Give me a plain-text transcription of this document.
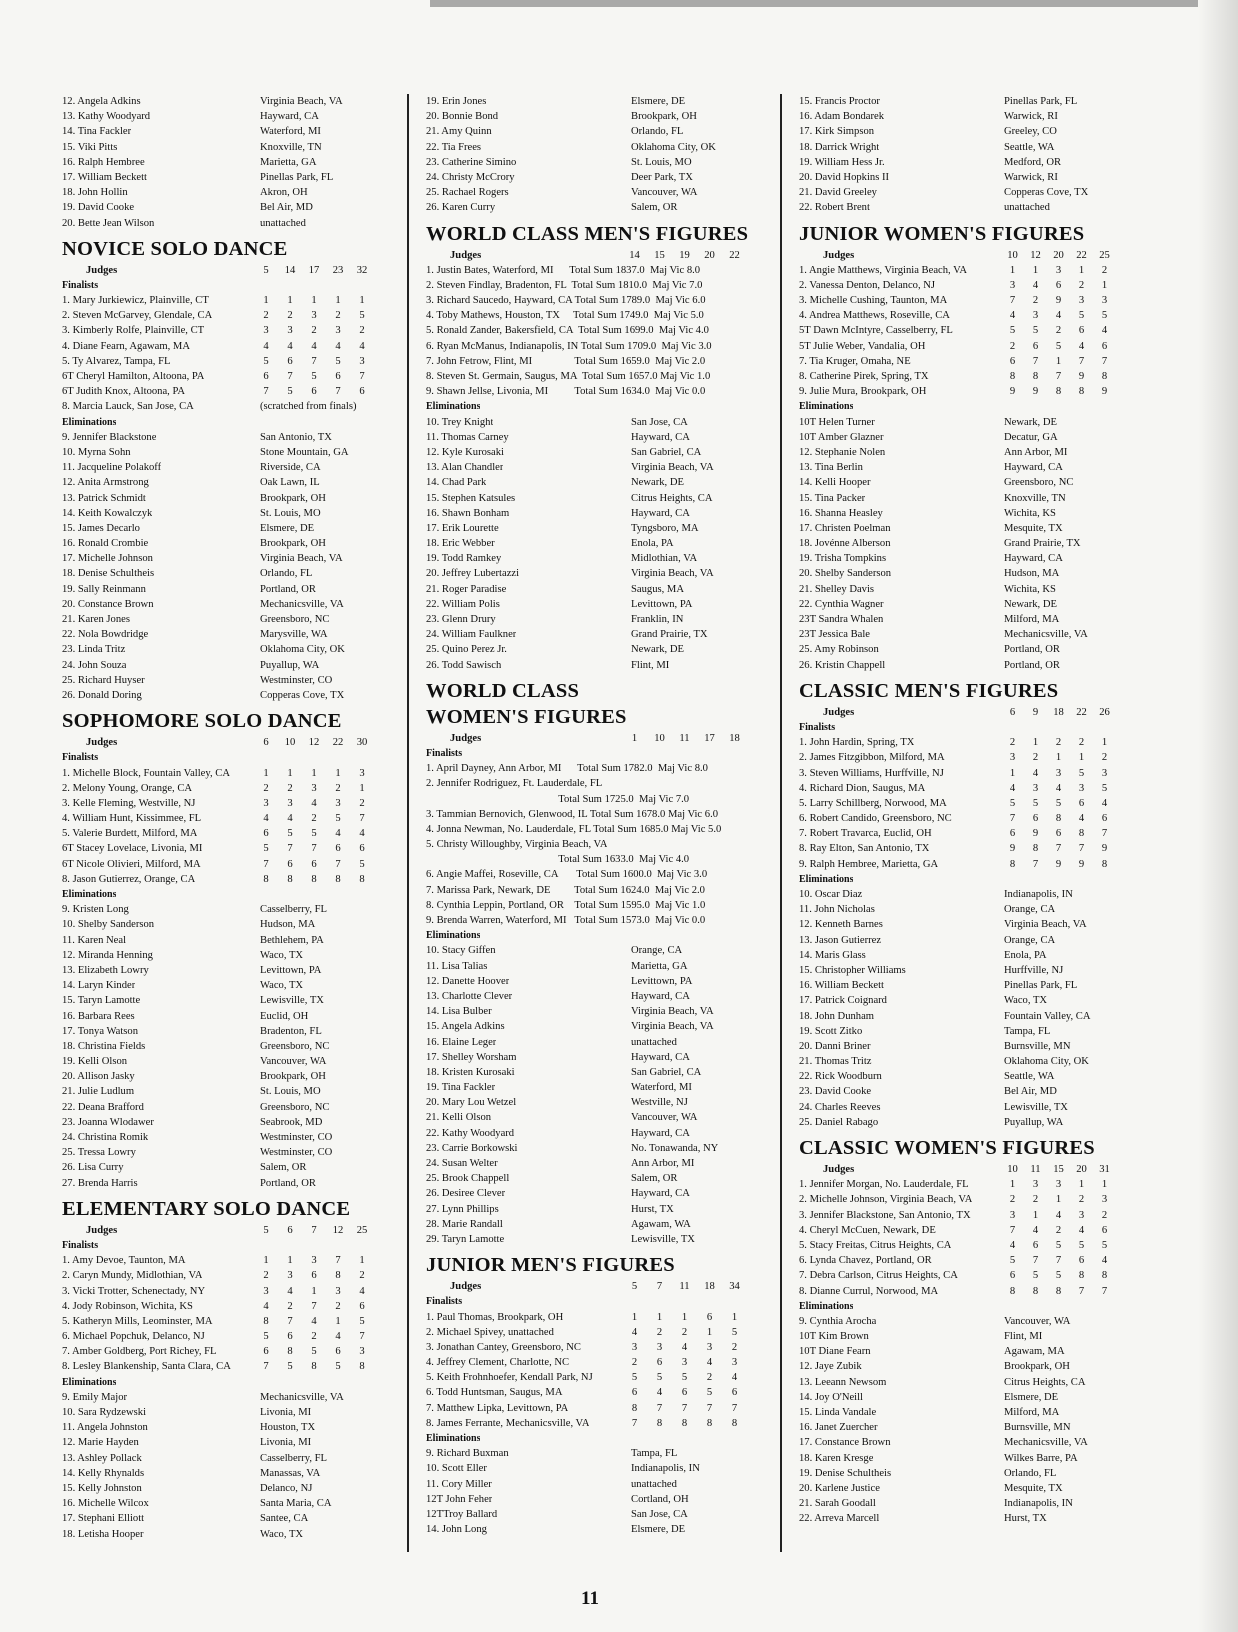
12. Angela Adkins	Virginia Beach, VA
13. Kathy Woodyard	Hayward, CA
14. Tina Fackler	Waterford, MI
15. Viki Pitts	Knoxville, TN
16. Ralph Hembree	Marietta, GA
17. William Beckett	Pinellas Park, FL
18. John Hollin	Akron, OH
19. David Cooke	Bel Air, MD
20. Bette Jean Wilson	unattached
NOVICE SOLO DANCE
Judges	5 14 17 23 32
Finalists
1. Mary Jurkiewicz, Plainville, CT	1 1 1 1 1
2. Steven McGarvey, Glendale, CA	2 2 3 2 5
3. Kimberly Rolfe, Plainville, CT	3 3 2 3 2
4. Diane Fearn, Agawam, MA	4 4 4 4 4
5. Ty Alvarez, Tampa, FL	5 6 7 5 3
6T Cheryl Hamilton, Altoona, PA	6 7 5 6 7
6T Judith Knox, Altoona, PA	7 5 6 7 6
8. Marcia Lauck, San Jose, CA	(scratched from finals)
Eliminations
9. Jennifer Blackstone	San Antonio, TX
10. Myrna Sohn	Stone Mountain, GA
11. Jacqueline Polakoff	Riverside, CA
12. Anita Armstrong	Oak Lawn, IL
13. Patrick Schmidt	Brookpark, OH
14. Keith Kowalczyk	St. Louis, MO
15. James Decarlo	Elsmere, DE
16. Ronald Crombie	Brookpark, OH
17. Michelle Johnson	Virginia Beach, VA
18. Denise Schultheis	Orlando, FL
19. Sally Reinmann	Portland, OR
20. Constance Brown	Mechanicsville, VA
21. Karen Jones	Greensboro, NC
22. Nola Bowdridge	Marysville, WA
23. Linda Tritz	Oklahoma City, OK
24. John Souza	Puyallup, WA
25. Richard Huyser	Westminster, CO
26. Donald Doring	Copperas Cove, TX
SOPHOMORE SOLO DANCE
Judges	6 10 12 22 30
Finalists
1. Michelle Block, Fountain Valley, CA	1 1 1 1 3
2. Melony Young, Orange, CA	2 2 3 2 1
3. Kelle Fleming, Westville, NJ	3 3 4 3 2
4. William Hunt, Kissimmee, FL	4 4 2 5 7
5. Valerie Burdett, Milford, MA	6 5 5 4 4
6T Stacey Lovelace, Livonia, MI	5 7 7 6 6
6T Nicole Olivieri, Milford, MA	7 6 6 7 5
8. Jason Gutierrez, Orange, CA	8 8 8 8 8
Eliminations
9. Kristen Long	Casselberry, FL
10. Shelby Sanderson	Hudson, MA
11. Karen Neal	Bethlehem, PA
12. Miranda Henning	Waco, TX
13. Elizabeth Lowry	Levittown, PA
14. Laryn Kinder	Waco, TX
15. Taryn Lamotte	Lewisville, TX
16. Barbara Rees	Euclid, OH
17. Tonya Watson	Bradenton, FL
18. Christina Fields	Greensboro, NC
19. Kelli Olson	Vancouver, WA
20. Allison Jasky	Brookpark, OH
21. Julie Ludlum	St. Louis, MO
22. Deana Brafford	Greensboro, NC
23. Joanna Wlodawer	Seabrook, MD
24. Christina Romik	Westminster, CO
25. Tressa Lowry	Westminster, CO
26. Lisa Curry	Salem, OR
27. Brenda Harris	Portland, OR
ELEMENTARY SOLO DANCE
Judges	5 6 7 12 25
Finalists
1. Amy Devoe, Taunton, MA	1 1 3 7 1
2. Caryn Mundy, Midlothian, VA	2 3 6 8 2
3. Vicki Trotter, Schenectady, NY	3 4 1 3 4
4. Jody Robinson, Wichita, KS	4 2 7 2 6
5. Katheryn Mills, Leominster, MA	8 7 4 1 5
6. Michael Popchuk, Delanco, NJ	5 6 2 4 7
7. Amber Goldberg, Port Richey, FL	6 8 5 6 3
8. Lesley Blankenship, Santa Clara, CA	7 5 8 5 8
Eliminations
9. Emily Major	Mechanicsville, VA
10. Sara Rydzewski	Livonia, MI
11. Angela Johnston	Houston, TX
12. Marie Hayden	Livonia, MI
13. Ashley Pollack	Casselberry, FL
14. Kelly Rhynalds	Manassas, VA
15. Kelly Johnston	Delanco, NJ
16. Michelle Wilcox	Santa Maria, CA
17. Stephani Elliott	Santee, CA
18. Letisha Hooper	Waco, TX
19. Erin Jones	Elsmere, DE
20. Bonnie Bond	Brookpark, OH
21. Amy Quinn	Orlando, FL
22. Tia Frees	Oklahoma City, OK
23. Catherine Simino	St. Louis, MO
24. Christy McCrory	Deer Park, TX
25. Rachael Rogers	Vancouver, WA
26. Karen Curry	Salem, OR
WORLD CLASS MEN'S FIGURES
Judges	14 15 19 20 22
1. Justin Bates, Waterford, MI      Total Sum 1837.0  Maj Vic 8.0
2. Steven Findlay, Bradenton, FL  Total Sum 1810.0  Maj Vic 7.0
3. Richard Saucedo, Hayward, CA Total Sum 1789.0  Maj Vic 6.0
4. Toby Mathews, Houston, TX     Total Sum 1749.0  Maj Vic 5.0
5. Ronald Zander, Bakersfield, CA  Total Sum 1699.0  Maj Vic 4.0
6. Ryan McManus, Indianapolis, IN Total Sum 1709.0  Maj Vic 3.0
7. John Fetrow, Flint, MI                Total Sum 1659.0  Maj Vic 2.0
8. Steven St. Germain, Saugus, MA  Total Sum 1657.0 Maj Vic 1.0
9. Shawn Jellse, Livonia, MI          Total Sum 1634.0  Maj Vic 0.0
Eliminations
10. Trey Knight	San Jose, CA
11. Thomas Carney	Hayward, CA
12. Kyle Kurosaki	San Gabriel, CA
13. Alan Chandler	Virginia Beach, VA
14. Chad Park	Newark, DE
15. Stephen Katsules	Citrus Heights, CA
16. Shawn Bonham	Hayward, CA
17. Erik Lourette	Tyngsboro, MA
18. Eric Webber	Enola, PA
19. Todd Ramkey	Midlothian, VA
20. Jeffrey Lubertazzi	Virginia Beach, VA
21. Roger Paradise	Saugus, MA
22. William Polis	Levittown, PA
23. Glenn Drury	Franklin, IN
24. William Faulkner	Grand Prairie, TX
25. Quino Perez Jr.	Newark, DE
26. Todd Sawisch	Flint, MI
WORLD CLASS
WOMEN'S FIGURES
Judges	1 10 11 17 18
Finalists
1. April Dayney, Ann Arbor, MI      Total Sum 1782.0  Maj Vic 8.0
2. Jennifer Rodriguez, Ft. Lauderdale, FL
Total Sum 1725.0  Maj Vic 7.0
3. Tammian Bernovich, Glenwood, IL Total Sum 1678.0 Maj Vic 6.0
4. Jonna Newman, No. Lauderdale, FL Total Sum 1685.0 Maj Vic 5.0
5. Christy Willoughby, Virginia Beach, VA
Total Sum 1633.0  Maj Vic 4.0
6. Angie Maffei, Roseville, CA       Total Sum 1600.0  Maj Vic 3.0
7. Marissa Park, Newark, DE         Total Sum 1624.0  Maj Vic 2.0
8. Cynthia Leppin, Portland, OR    Total Sum 1595.0  Maj Vic 1.0
9. Brenda Warren, Waterford, MI   Total Sum 1573.0  Maj Vic 0.0
Eliminations
10. Stacy Giffen	Orange, CA
11. Lisa Talias	Marietta, GA
12. Danette Hoover	Levittown, PA
13. Charlotte Clever	Hayward, CA
14. Lisa Bulber	Virginia Beach, VA
15. Angela Adkins	Virginia Beach, VA
16. Elaine Leger	unattached
17. Shelley Worsham	Hayward, CA
18. Kristen Kurosaki	San Gabriel, CA
19. Tina Fackler	Waterford, MI
20. Mary Lou Wetzel	Westville, NJ
21. Kelli Olson	Vancouver, WA
22. Kathy Woodyard	Hayward, CA
23. Carrie Borkowski	No. Tonawanda, NY
24. Susan Welter	Ann Arbor, MI
25. Brook Chappell	Salem, OR
26. Desiree Clever	Hayward, CA
27. Lynn Phillips	Hurst, TX
28. Marie Randall	Agawam, WA
29. Taryn Lamotte	Lewisville, TX
JUNIOR MEN'S FIGURES
Judges	5 7 11 18 34
Finalists
1. Paul Thomas, Brookpark, OH	1 1 1 6 1
2. Michael Spivey, unattached	4 2 2 1 5
3. Jonathan Cantey, Greensboro, NC	3 3 4 3 2
4. Jeffrey Clement, Charlotte, NC	2 6 3 4 3
5. Keith Frohnhoefer, Kendall Park, NJ	5 5 5 2 4
6. Todd Huntsman, Saugus, MA	6 4 6 5 6
7. Matthew Lipka, Levittown, PA	8 7 7 7 7
8. James Ferrante, Mechanicsville, VA	7 8 8 8 8
Eliminations
9. Richard Buxman	Tampa, FL
10. Scott Eller	Indianapolis, IN
11. Cory Miller	unattached
12T John Feher	Cortland, OH
12TTroy Ballard	San Jose, CA
14. John Long	Elsmere, DE
15. Francis Proctor	Pinellas Park, FL
16. Adam Bondarek	Warwick, RI
17. Kirk Simpson	Greeley, CO
18. Darrick Wright	Seattle, WA
19. William Hess Jr.	Medford, OR
20. David Hopkins II	Warwick, RI
21. David Greeley	Copperas Cove, TX
22. Robert Brent	unattached
JUNIOR WOMEN'S FIGURES
Judges	10 12 20 22 25
1. Angie Matthews, Virginia Beach, VA	1 1 3 1 2
2. Vanessa Denton, Delanco, NJ	3 4 6 2 1
3. Michelle Cushing, Taunton, MA	7 2 9 3 3
4. Andrea Matthews, Roseville, CA	4 3 4 5 5
5T Dawn McIntyre, Casselberry, FL	5 5 2 6 4
5T Julie Weber, Vandalia, OH	2 6 5 4 6
7. Tia Kruger, Omaha, NE	6 7 1 7 7
8. Catherine Pirek, Spring, TX	8 8 7 9 8
9. Julie Mura, Brookpark, OH	9 9 8 8 9
Eliminations
10T Helen Turner	Newark, DE
10T Amber Glazner	Decatur, GA
12. Stephanie Nolen	Ann Arbor, MI
13. Tina Berlin	Hayward, CA
14. Kelli Hooper	Greensboro, NC
15. Tina Packer	Knoxville, TN
16. Shanna Heasley	Wichita, KS
17. Christen Poelman	Mesquite, TX
18. Jovénne Alberson	Grand Prairie, TX
19. Trisha Tompkins	Hayward, CA
20. Shelby Sanderson	Hudson, MA
21. Shelley Davis	Wichita, KS
22. Cynthia Wagner	Newark, DE
23T Sandra Whalen	Milford, MA
23T Jessica Bale	Mechanicsville, VA
25. Amy Robinson	Portland, OR
26. Kristin Chappell	Portland, OR
CLASSIC MEN'S FIGURES
Judges	6 9 18 22 26
Finalists
1. John Hardin, Spring, TX	2 1 2 2 1
2. James Fitzgibbon, Milford, MA	3 2 1 1 2
3. Steven Williams, Hurffville, NJ	1 4 3 5 3
4. Richard Dion, Saugus, MA	4 3 4 3 5
5. Larry Schillberg, Norwood, MA	5 5 5 6 4
6. Robert Candido, Greensboro, NC	7 6 8 4 6
7. Robert Travarca, Euclid, OH	6 9 6 8 7
8. Ray Elton, San Antonio, TX	9 8 7 7 9
9. Ralph Hembree, Marietta, GA	8 7 9 9 8
Eliminations
10. Oscar Diaz	Indianapolis, IN
11. John Nicholas	Orange, CA
12. Kenneth Barnes	Virginia Beach, VA
13. Jason Gutierrez	Orange, CA
14. Maris Glass	Enola, PA
15. Christopher Williams	Hurffville, NJ
16. William Beckett	Pinellas Park, FL
17. Patrick Coignard	Waco, TX
18. John Dunham	Fountain Valley, CA
19. Scott Zitko	Tampa, FL
20. Danni Briner	Burnsville, MN
21. Thomas Tritz	Oklahoma City, OK
22. Rick Woodburn	Seattle, WA
23. David Cooke	Bel Air, MD
24. Charles Reeves	Lewisville, TX
25. Daniel Rabago	Puyallup, WA
CLASSIC WOMEN'S FIGURES
Judges	10 11 15 20 31
1. Jennifer Morgan, No. Lauderdale, FL	1 3 3 1 1
2. Michelle Johnson, Virginia Beach, VA	2 2 1 2 3
3. Jennifer Blackstone, San Antonio, TX	3 1 4 3 2
4. Cheryl McCuen, Newark, DE	7 4 2 4 6
5. Stacy Freitas, Citrus Heights, CA	4 6 5 5 5
6. Lynda Chavez, Portland, OR	5 7 7 6 4
7. Debra Carlson, Citrus Heights, CA	6 5 5 8 8
8. Dianne Currul, Norwood, MA	8 8 8 7 7
Eliminations
9. Cynthia Arocha	Vancouver, WA
10T Kim Brown	Flint, MI
10T Diane Fearn	Agawam, MA
12. Jaye Zubik	Brookpark, OH
13. Leeann Newsom	Citrus Heights, CA
14. Joy O'Neill	Elsmere, DE
15. Linda Vandale	Milford, MA
16. Janet Zuercher	Burnsville, MN
17. Constance Brown	Mechanicsville, VA
18. Karen Kresge	Wilkes Barre, PA
19. Denise Schultheis	Orlando, FL
20. Karlene Justice	Mesquite, TX
21. Sarah Goodall	Indianapolis, IN
22. Arreva Marcell	Hurst, TX
11
